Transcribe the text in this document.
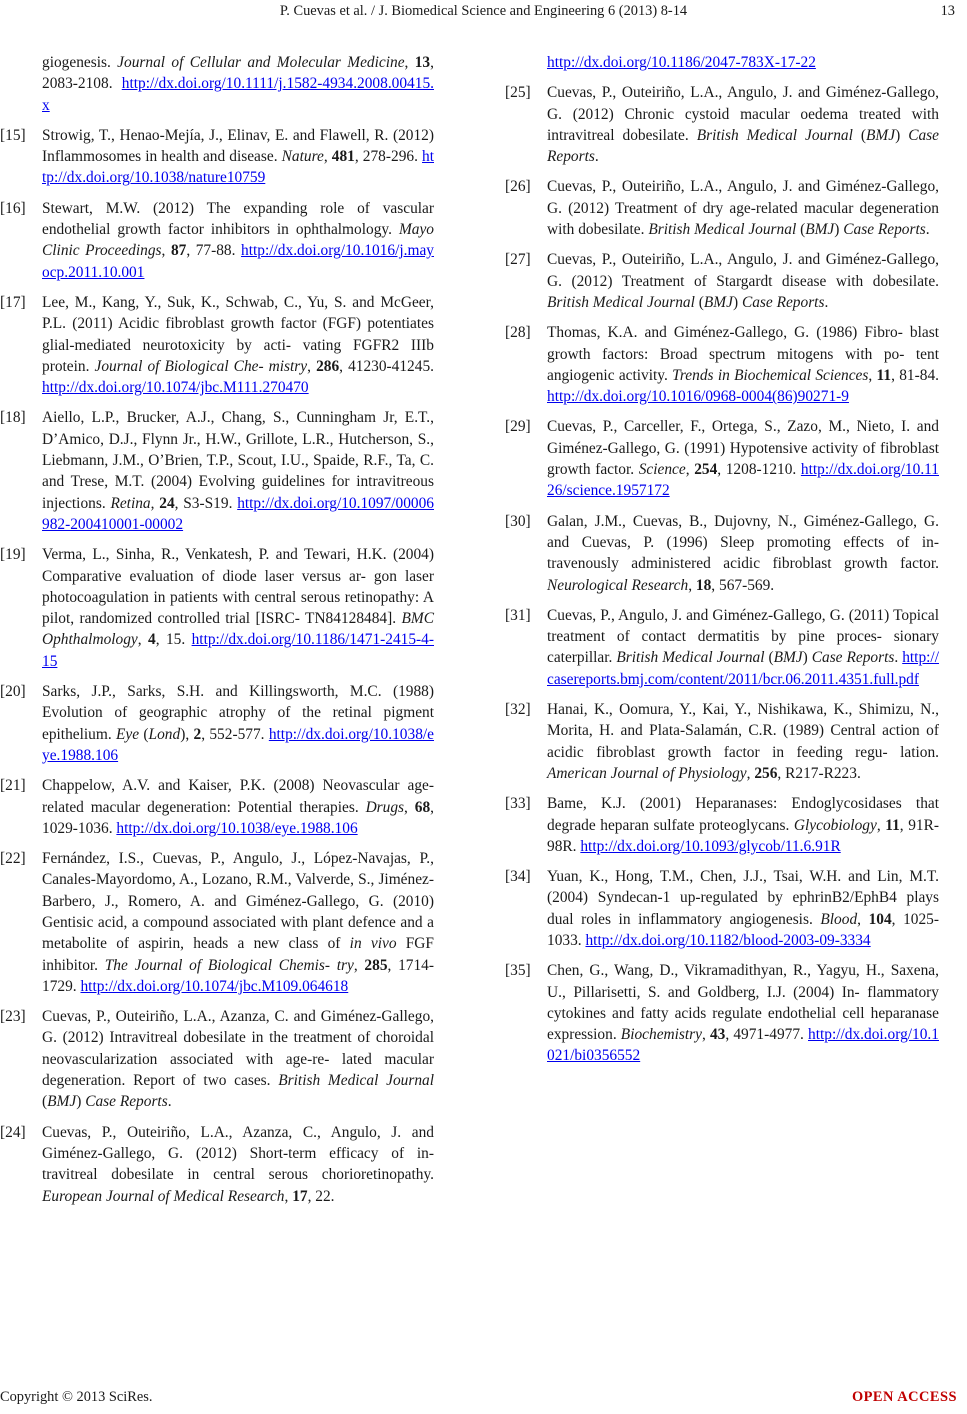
P. Cuevas et al. / J. Biomedical Science and Engineering 6 (2013) 8-14	13
giogenesis. Journal of Cellular and Molecular Medicine, 13, 2083-2108. http://dx.doi.org/10.1111/j.1582-4934.2008.00415.x
[15] Strowig, T., Henao-Mejía, J., Elinav, E. and Flawell, R. (2012) Inflammosomes in health and disease. Nature, 481, 278-296. http://dx.doi.org/10.1038/nature10759
[16] Stewart, M.W. (2012) The expanding role of vascular endothelial growth factor inhibitors in ophthalmology. Mayo Clinic Proceedings, 87, 77-88. http://dx.doi.org/10.1016/j.mayocp.2011.10.001
[17] Lee, M., Kang, Y., Suk, K., Schwab, C., Yu, S. and McGeer, P.L. (2011) Acidic fibroblast growth factor (FGF) potentiates glial-mediated neurotoxicity by acti- vating FGFR2 IIIb protein. Journal of Biological Che- mistry, 286, 41230-41245. http://dx.doi.org/10.1074/jbc.M111.270470
[18] Aiello, L.P., Brucker, A.J., Chang, S., Cunningham Jr, E.T., D’Amico, D.J., Flynn Jr., H.W., Grillote, L.R., Hutcherson, S., Liebmann, J.M., O’Brien, T.P., Scout, I.U., Spaide, R.F., Ta, C. and Trese, M.T. (2004) Evolving guidelines for intravitreous injections. Retina, 24, S3-S19. http://dx.doi.org/10.1097/00006982-200410001-00002
[19] Verma, L., Sinha, R., Venkatesh, P. and Tewari, H.K. (2004) Comparative evaluation of diode laser versus ar- gon laser photocoagulation in patients with central serous retinopathy: A pilot, randomized controlled trial [ISRC- TN84128484]. BMC Ophthalmology, 4, 15. http://dx.doi.org/10.1186/1471-2415-4-15
[20] Sarks, J.P., Sarks, S.H. and Killingsworth, M.C. (1988) Evolution of geographic atrophy of the retinal pigment epithelium. Eye (Lond), 2, 552-577. http://dx.doi.org/10.1038/eye.1988.106
[21] Chappelow, A.V. and Kaiser, P.K. (2008) Neovascular age-related macular degeneration: Potential therapies. Drugs, 68, 1029-1036. http://dx.doi.org/10.1038/eye.1988.106
[22] Fernández, I.S., Cuevas, P., Angulo, J., López-Navajas, P., Canales-Mayordomo, A., Lozano, R.M., Valverde, S., Jiménez-Barbero, J., Romero, A. and Giménez-Gallego, G. (2010) Gentisic acid, a compound associated with plant defence and a metabolite of aspirin, heads a new class of in vivo FGF inhibitor. The Journal of Biological Chemis- try, 285, 1714-1729. http://dx.doi.org/10.1074/jbc.M109.064618
[23] Cuevas, P., Outeiriño, L.A., Azanza, C. and Giménez-Gallego, G. (2012) Intravitreal dobesilate in the treatment of choroidal neovascularization associated with age-re- lated macular degeneration. Report of two cases. British Medical Journal (BMJ) Case Reports.
[24] Cuevas, P., Outeiriño, L.A., Azanza, C., Angulo, J. and Giménez-Gallego, G. (2012) Short-term efficacy of in- travitreal dobesilate in central serous chorioretinopathy. European Journal of Medical Research, 17, 22.
http://dx.doi.org/10.1186/2047-783X-17-22
[25] Cuevas, P., Outeiriño, L.A., Angulo, J. and Giménez-Gallego, G. (2012) Chronic cystoid macular oedema treated with intravitreal dobesilate. British Medical Journal (BMJ) Case Reports.
[26] Cuevas, P., Outeiriño, L.A., Angulo, J. and Giménez-Gallego, G. (2012) Treatment of dry age-related macular degeneration with dobesilate. British Medical Journal (BMJ) Case Reports.
[27] Cuevas, P., Outeiriño, L.A., Angulo, J. and Giménez-Gallego, G. (2012) Treatment of Stargardt disease with dobesilate. British Medical Journal (BMJ) Case Reports.
[28] Thomas, K.A. and Giménez-Gallego, G. (1986) Fibro- blast growth factors: Broad spectrum mitogens with po- tent angiogenic activity. Trends in Biochemical Sciences, 11, 81-84. http://dx.doi.org/10.1016/0968-0004(86)90271-9
[29] Cuevas, P., Carceller, F., Ortega, S., Zazo, M., Nieto, I. and Giménez-Gallego, G. (1991) Hypotensive activity of fibroblast growth factor. Science, 254, 1208-1210. http://dx.doi.org/10.1126/science.1957172
[30] Galan, J.M., Cuevas, B., Dujovny, N., Giménez-Gallego, G. and Cuevas, P. (1996) Sleep promoting effects of in- travenously administered acidic fibroblast growth factor. Neurological Research, 18, 567-569.
[31] Cuevas, P., Angulo, J. and Giménez-Gallego, G. (2011) Topical treatment of contact dermatitis by pine proces- sionary caterpillar. British Medical Journal (BMJ) Case Reports. http://casereports.bmj.com/content/2011/bcr.06.2011.4351.full.pdf
[32] Hanai, K., Oomura, Y., Kai, Y., Nishikawa, K., Shimizu, N., Morita, H. and Plata-Salamán, C.R. (1989) Central action of acidic fibroblast growth factor in feeding regu- lation. American Journal of Physiology, 256, R217-R223.
[33] Bame, K.J. (2001) Heparanases: Endoglycosidases that degrade heparan sulfate proteoglycans. Glycobiology, 11, 91R-98R. http://dx.doi.org/10.1093/glycob/11.6.91R
[34] Yuan, K., Hong, T.M., Chen, J.J., Tsai, W.H. and Lin, M.T. (2004) Syndecan-1 up-regulated by ephrinB2/EphB4 plays dual roles in inflammatory angiogenesis. Blood, 104, 1025-1033. http://dx.doi.org/10.1182/blood-2003-09-3334
[35] Chen, G., Wang, D., Vikramadithyan, R., Yagyu, H., Saxena, U., Pillarisetti, S. and Goldberg, I.J. (2004) In- flammatory cytokines and fatty acids regulate endothelial cell heparanase expression. Biochemistry, 43, 4971-4977. http://dx.doi.org/10.1021/bi0356552
Copyright © 2013 SciRes.	OPEN ACCESS
